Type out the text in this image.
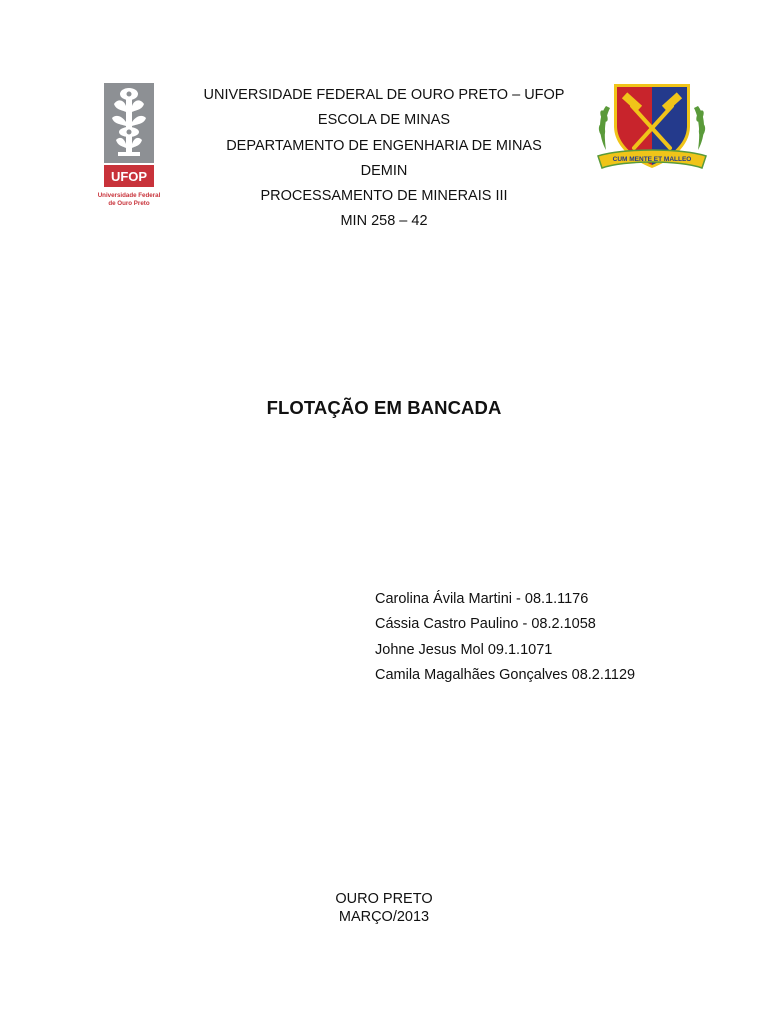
UFOP
Universidade Federal
de Ouro Preto
UNIVERSIDADE FEDERAL DE OURO PRETO – UFOP
ESCOLA DE MINAS
DEPARTAMENTO DE ENGENHARIA DE MINAS
DEMIN
PROCESSAMENTO DE MINERAIS III
MIN 258 – 42
CUM MENTE ET MALLEO
FLOTAÇÃO EM BANCADA
Carolina Ávila Martini - 08.1.1176
Cássia Castro Paulino - 08.2.1058
Johne Jesus Mol 09.1.1071
Camila Magalhães Gonçalves 08.2.1129
OURO PRETO
MARÇO/2013
